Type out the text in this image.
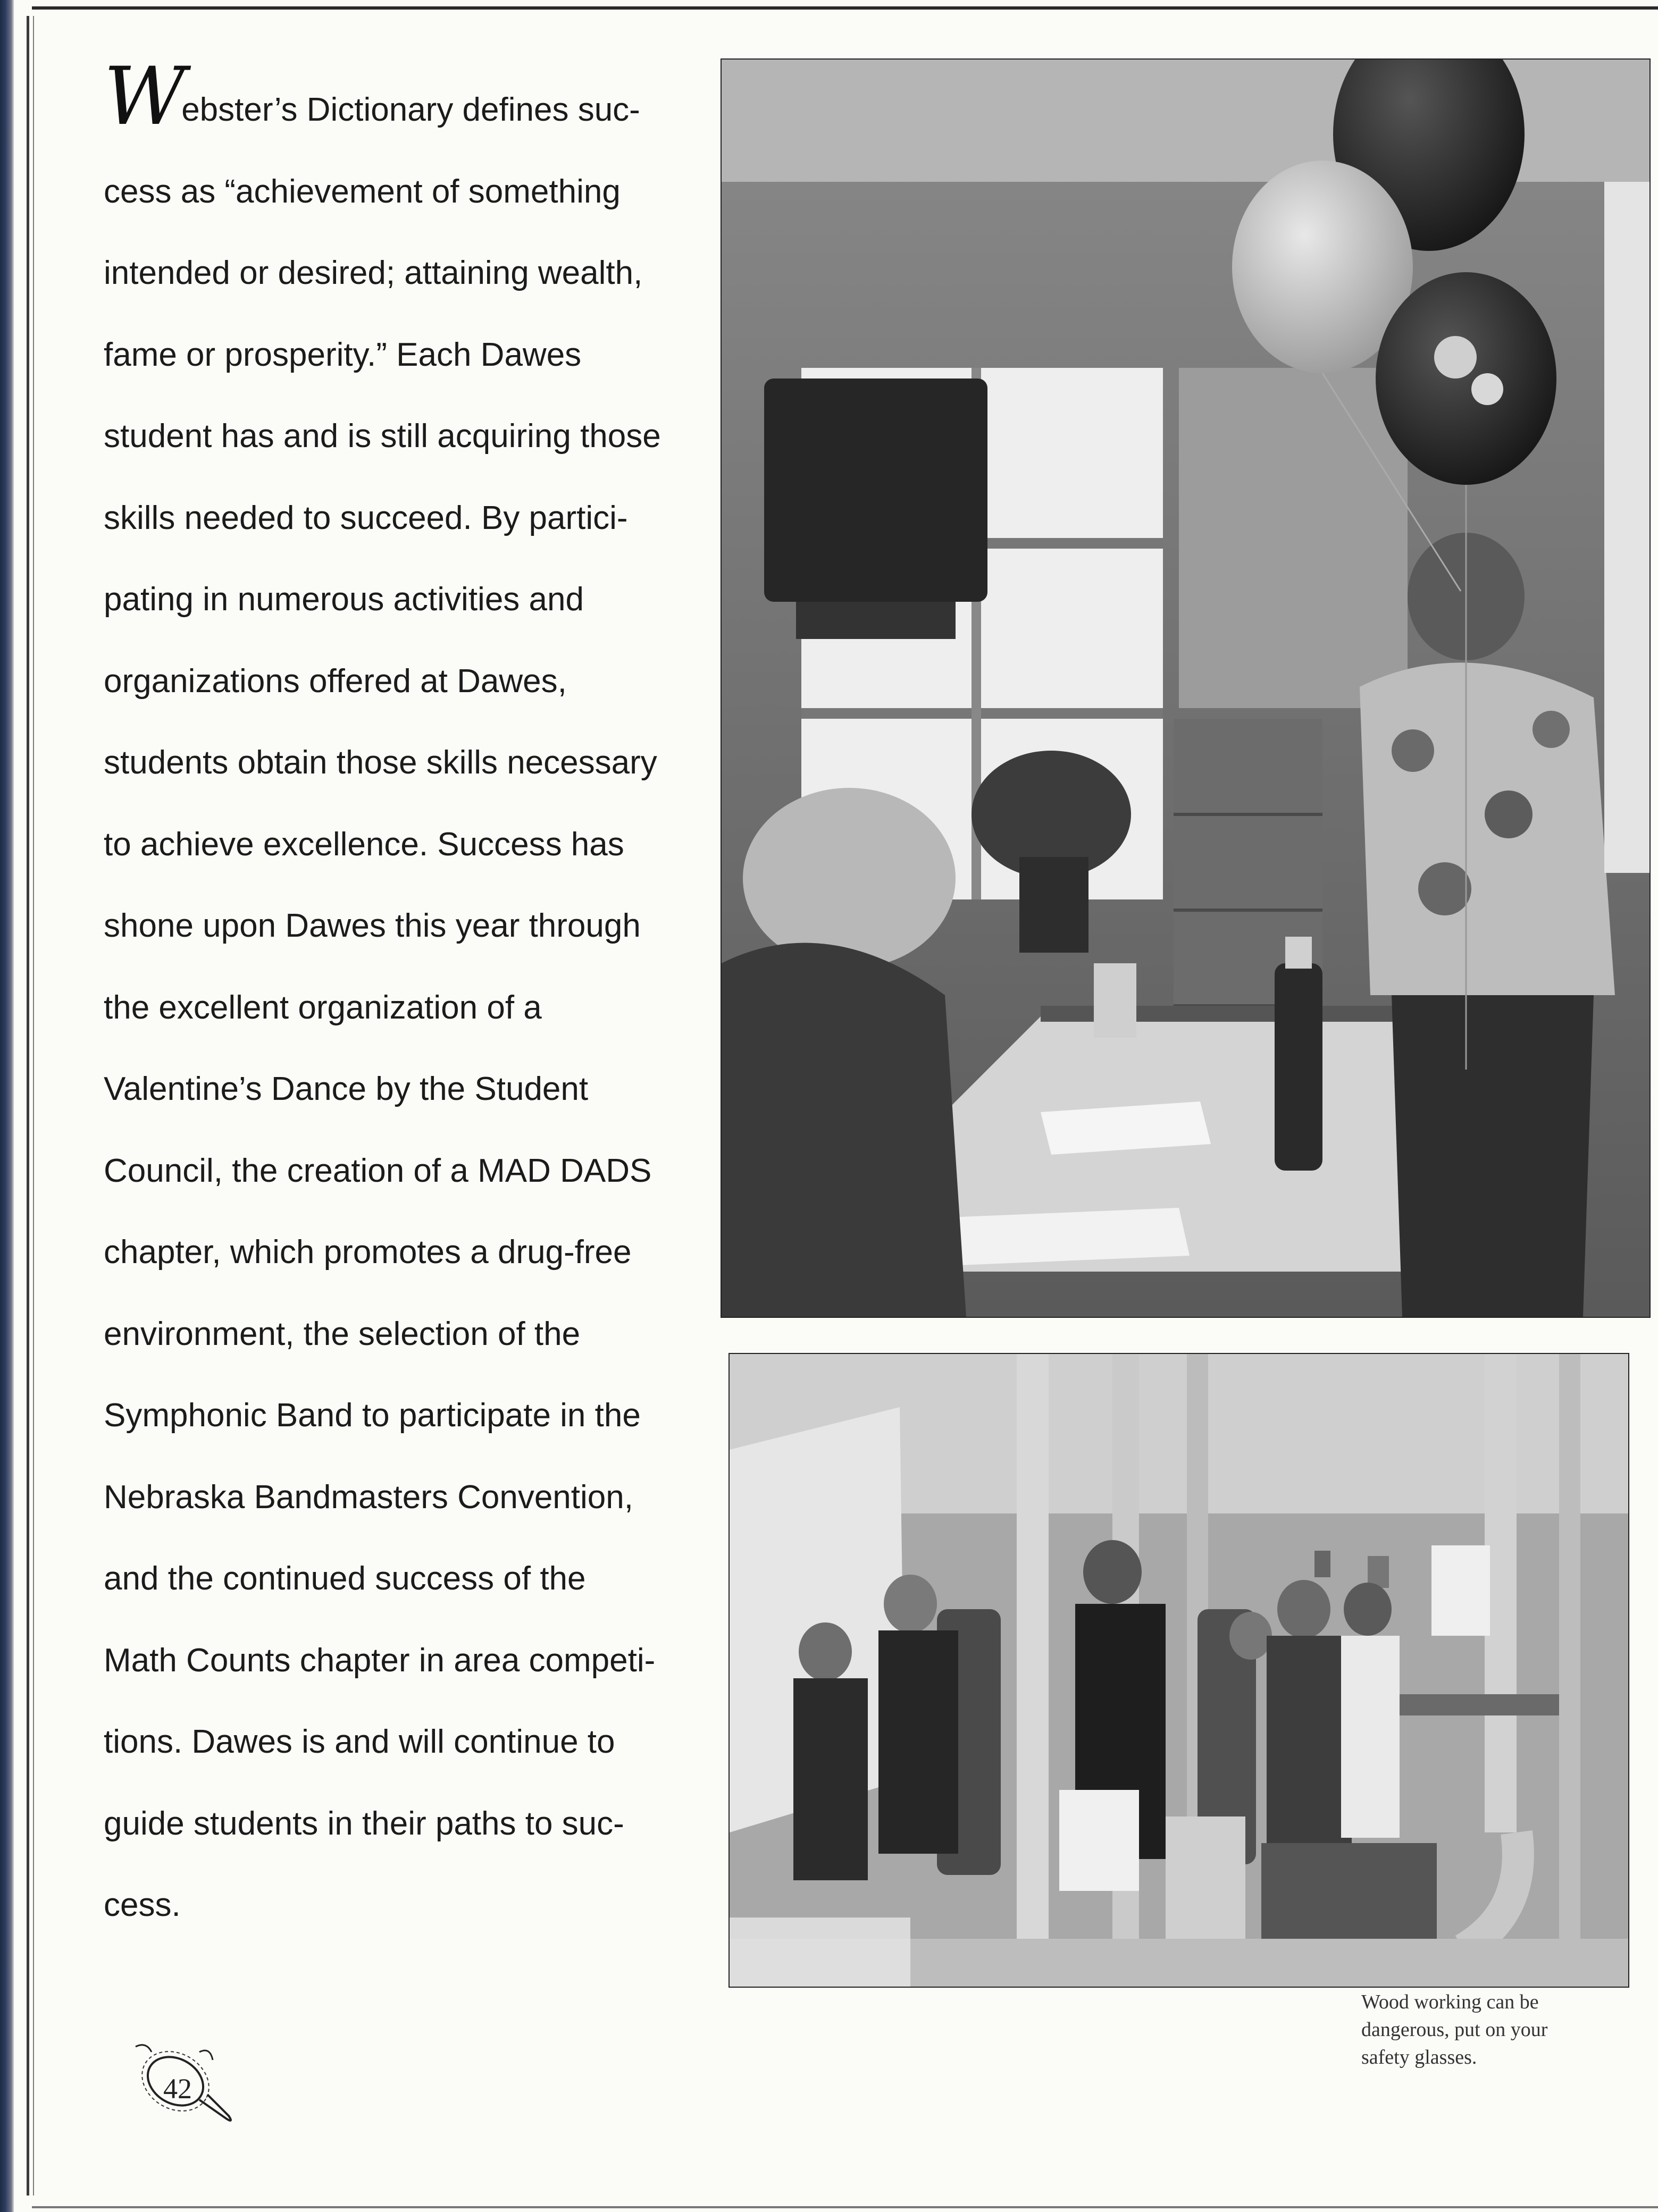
Webster’s Dictionary defines suc-
cess as “achievement of something
intended or desired; attaining wealth,
fame or prosperity.” Each Dawes
student has and is still acquiring those
skills needed to succeed. By partici-
pating in numerous activities and
organizations offered at Dawes,
students obtain those skills necessary
to achieve excellence. Success has
shone upon Dawes this year through
the excellent organization of a
Valentine’s Dance by the Student
Council, the creation of a MAD DADS
chapter, which promotes a drug-free
environment, the selection of the
Symphonic Band to participate in the
Nebraska Bandmasters Convention,
and the continued success of the
Math Counts chapter in area competi-
tions. Dawes is and will continue to
guide students in their paths to suc-
cess.
Wood working can be
dangerous, put on your
safety glasses.
42
